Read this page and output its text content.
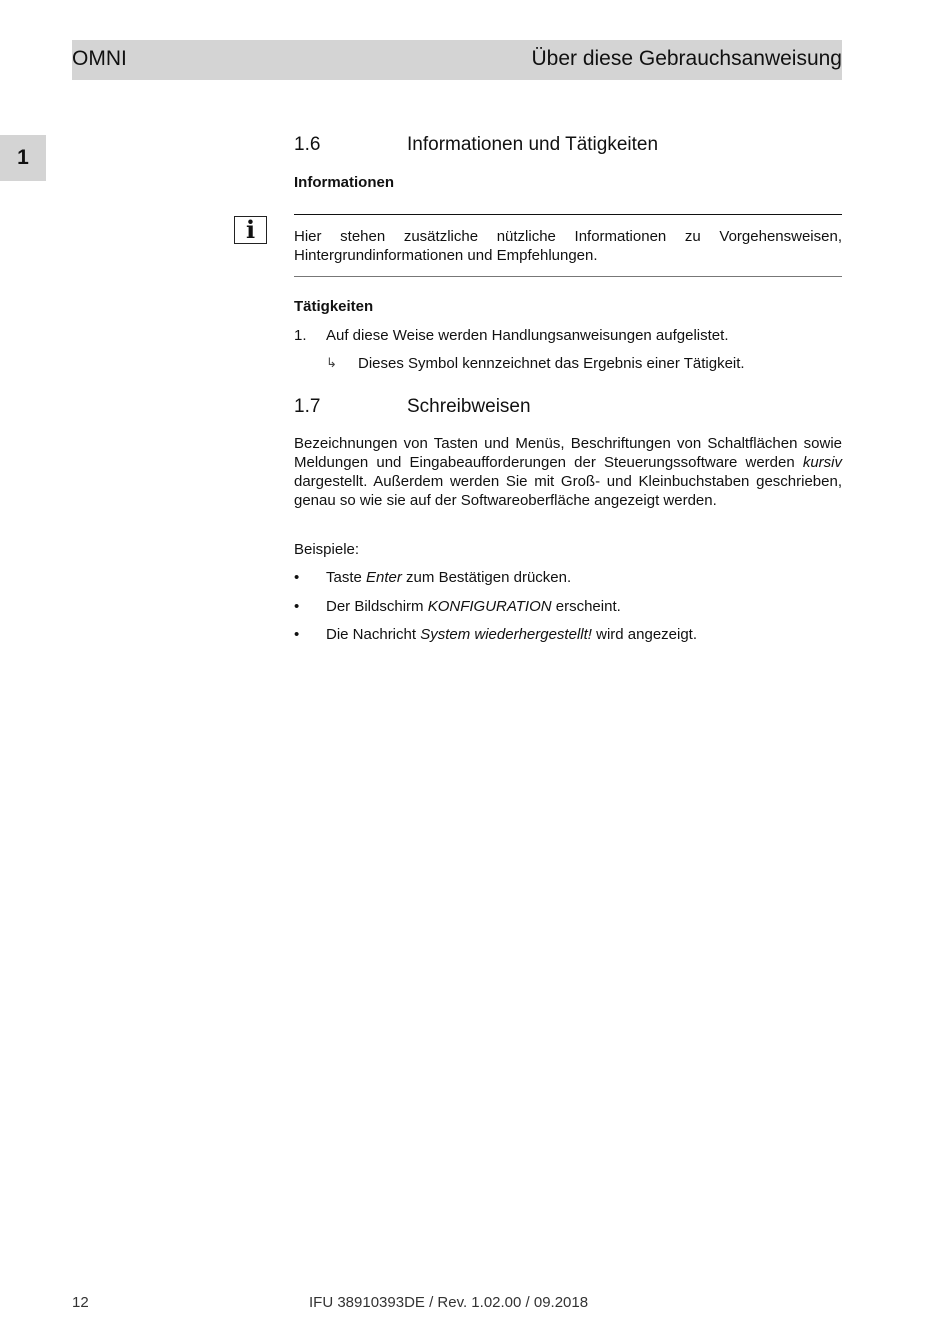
OMNI	Über diese Gebrauchsanweisung
1
i
1.6	Informationen und Tätigkeiten
Informationen
Hier stehen zusätzliche nützliche Informationen zu Vorgehensweisen, Hintergrundinformationen und Empfehlungen.
Tätigkeiten
1. Auf diese Weise werden Handlungsanweisungen aufgelistet.
↳ Dieses Symbol kennzeichnet das Ergebnis einer Tätigkeit.
1.7	Schreibweisen
Bezeichnungen von Tasten und Menüs, Beschriftungen von Schaltflächen sowie Meldungen und Eingabeaufforderungen der Steuerungssoftware werden kursiv dargestellt. Außerdem werden Sie mit Groß- und Kleinbuchstaben geschrieben, genau so wie sie auf der Softwareoberfläche angezeigt werden.
Beispiele:
• Taste Enter zum Bestätigen drücken.
• Der Bildschirm KONFIGURATION erscheint.
• Die Nachricht System wiederhergestellt! wird angezeigt.
12	IFU 38910393DE / Rev. 1.02.00 / 09.2018
